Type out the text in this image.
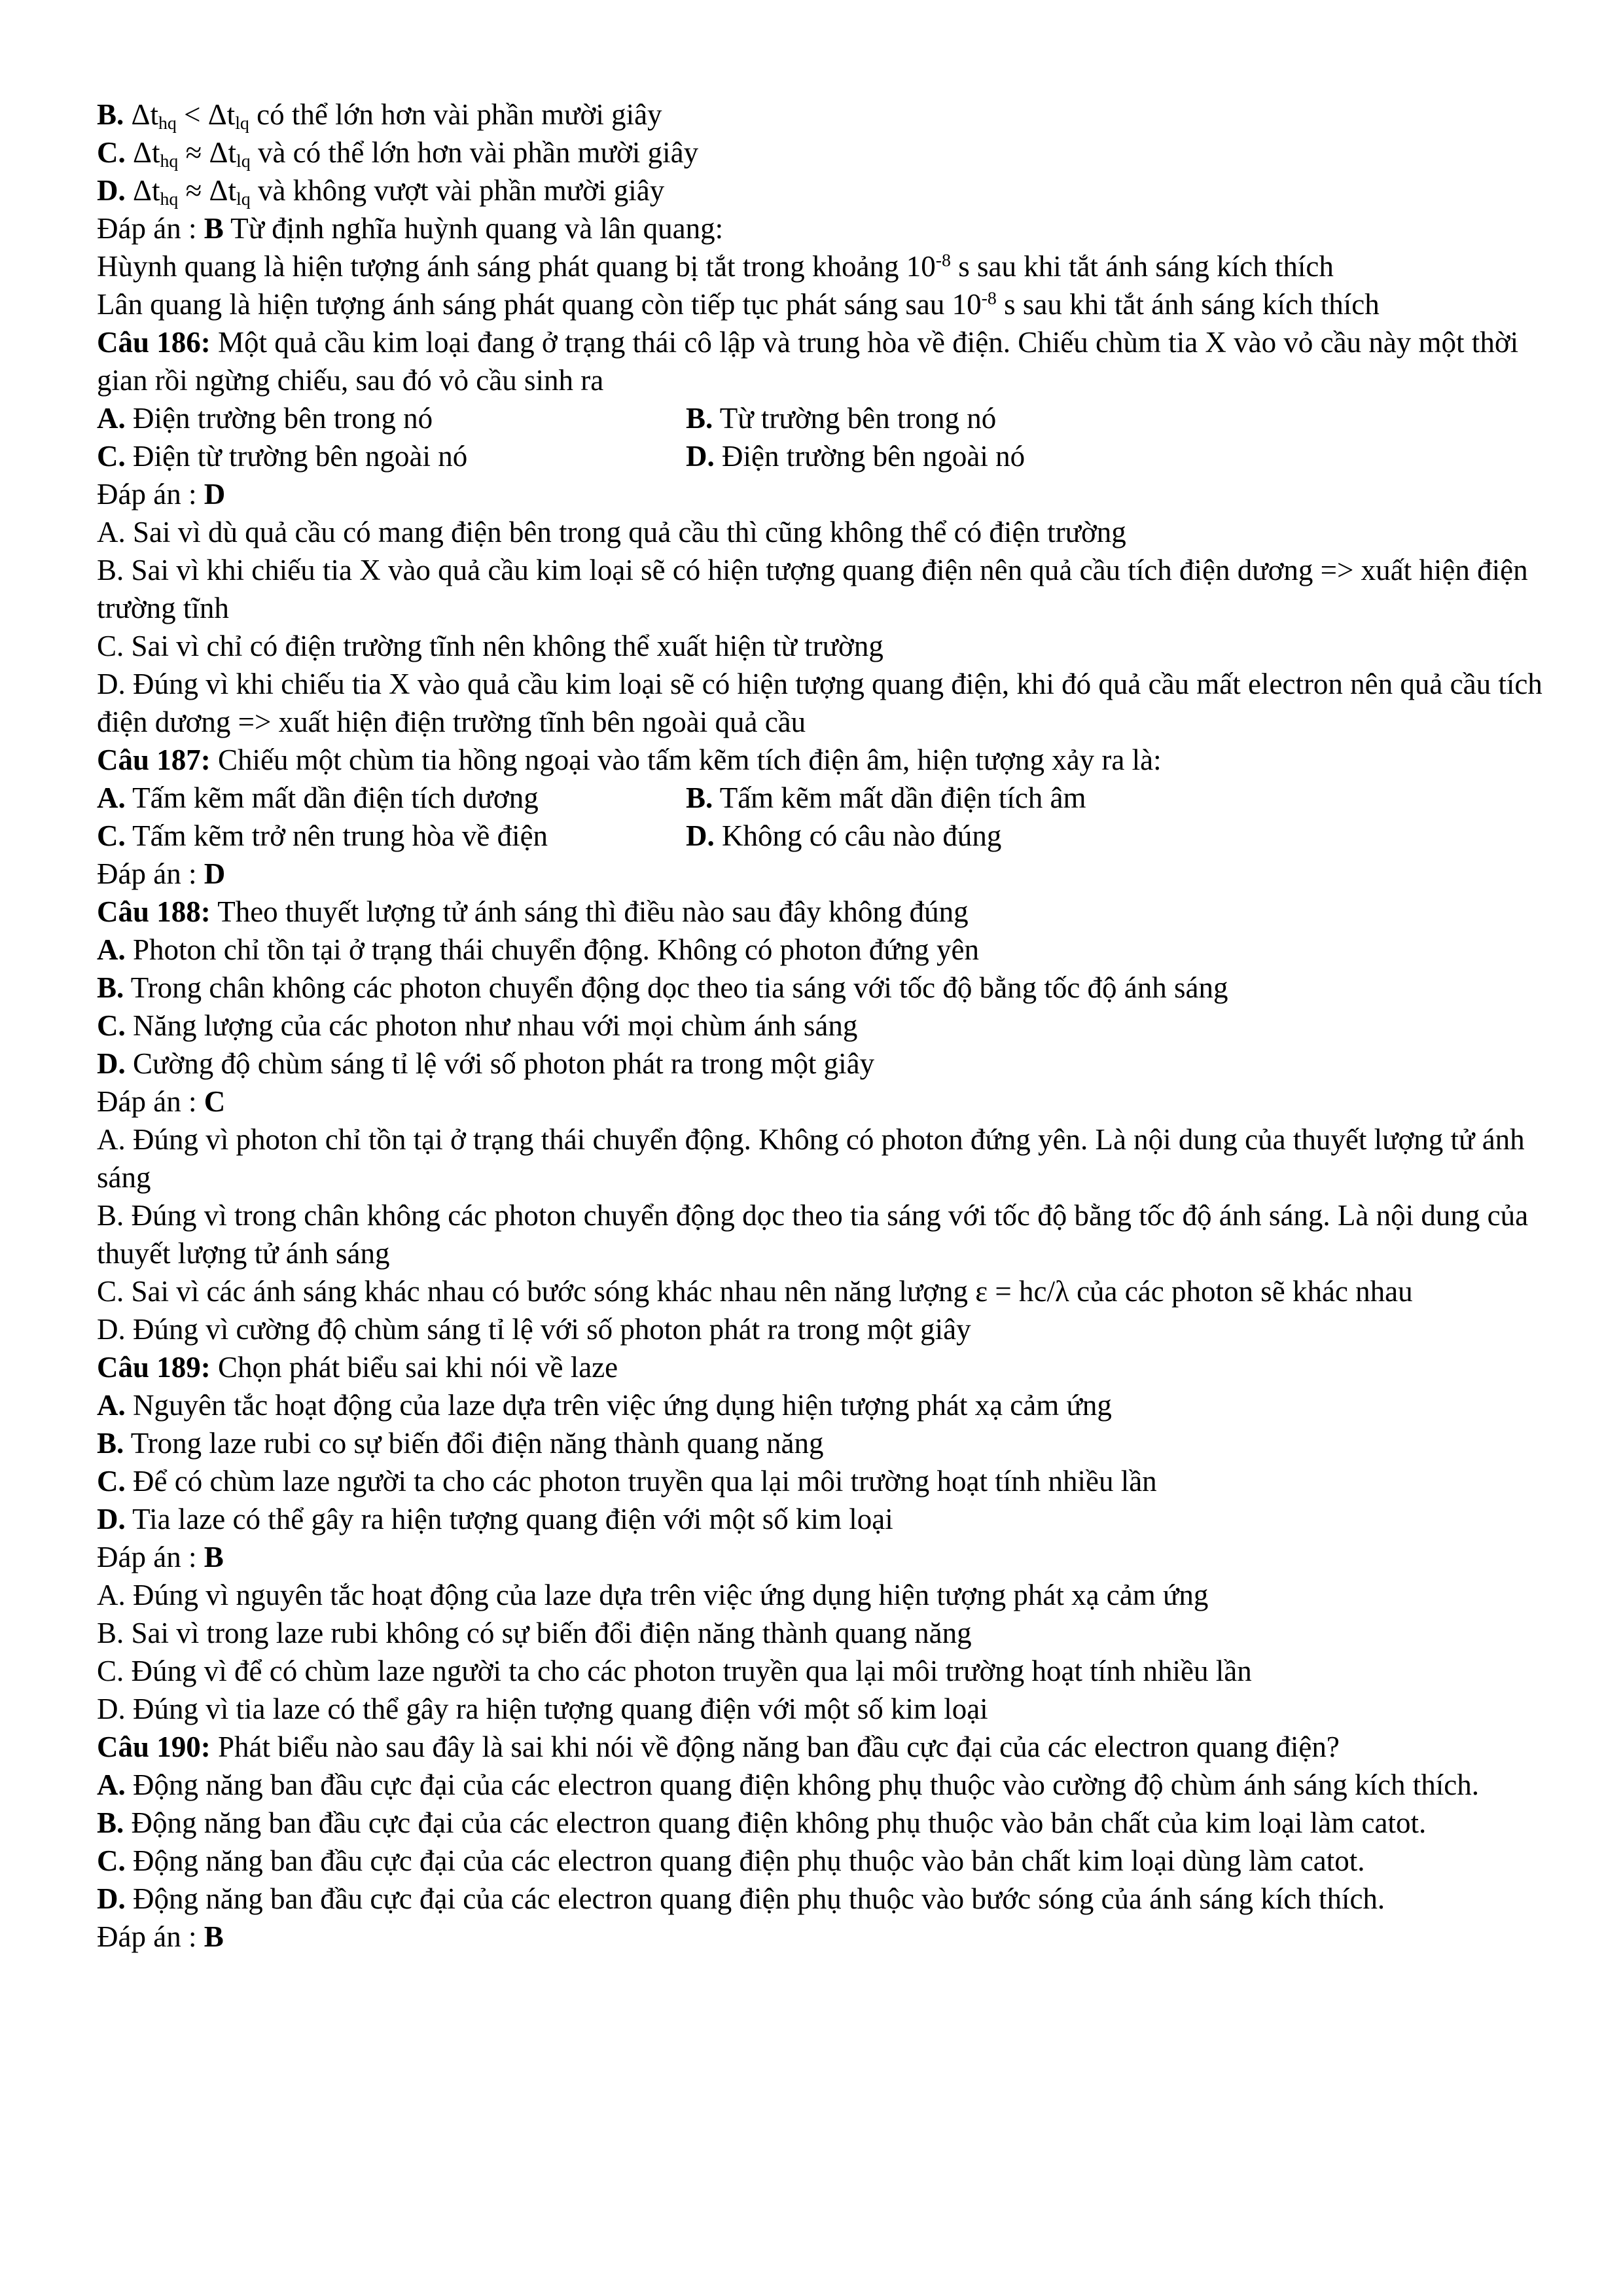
B. $\Delta t_{hq} < \Delta t_{lq}$ có thể lớn hơn vài phần mười giây

C. $\Delta t_{hq} \approx \Delta t_{lq}$ và có thể lớn hơn vài phần mười giây

D. $\Delta t_{hq} \approx \Delta t_{lq}$ và không vượt vài phần mười giây

Đáp án : B Từ định nghĩa huỳnh quang và lân quang:

Hùynh quang là hiện tượng ánh sáng phát quang bị tắt trong khoảng $10^{-8}$ s sau khi tắt ánh sáng kích thích

Lân quang là hiện tượng ánh sáng phát quang còn tiếp tục phát sáng sau $10^{-8}$ s sau khi tắt ánh sáng kích thích

Câu 186: Một quả cầu kim loại đang ở trạng thái cô lập và trung hòa về điện. Chiếu chùm tia X vào vỏ cầu này một thời gian rồi ngừng chiếu, sau đó vỏ cầu sinh ra

A. Điện trường bên trong nó	B. Từ trường bên trong nó
C. Điện từ trường bên ngoài nó	D. Điện trường bên ngoài nó

Đáp án : D

A. Sai vì dù quả cầu có mang điện bên trong quả cầu thì cũng không thể có điện trường

B. Sai vì khi chiếu tia X vào quả cầu kim loại sẽ có hiện tượng quang điện nên quả cầu tích điện dương => xuất hiện điện trường tĩnh

C. Sai vì chỉ có điện trường tĩnh nên không thể xuất hiện từ trường

D. Đúng vì khi chiếu tia X vào quả cầu kim loại sẽ có hiện tượng quang điện, khi đó quả cầu mất electron nên quả cầu tích điện dương => xuất hiện điện trường tĩnh bên ngoài quả cầu

Câu 187: Chiếu một chùm tia hồng ngoại vào tấm kẽm tích điện âm, hiện tượng xảy ra là:

A. Tấm kẽm mất dần điện tích dương	B. Tấm kẽm mất dần điện tích âm
C. Tấm kẽm trở nên trung hòa về điện	D. Không có câu nào đúng

Đáp án : D

Câu 188: Theo thuyết lượng tử ánh sáng thì điều nào sau đây không đúng

A. Photon chỉ tồn tại ở trạng thái chuyển động. Không có photon đứng yên

B. Trong chân không các photon chuyển động dọc theo tia sáng với tốc độ bằng tốc độ ánh sáng

C. Năng lượng của các photon như nhau với mọi chùm ánh sáng

D. Cường độ chùm sáng tỉ lệ với số photon phát ra trong một giây

Đáp án : C

A. Đúng vì photon chỉ tồn tại ở trạng thái chuyển động. Không có photon đứng yên. Là nội dung của thuyết lượng tử ánh sáng

B. Đúng vì trong chân không các photon chuyển động dọc theo tia sáng với tốc độ bằng tốc độ ánh sáng. Là nội dung của thuyết lượng tử ánh sáng

C. Sai vì các ánh sáng khác nhau có bước sóng khác nhau nên năng lượng ε = hc/λ của các photon sẽ khác nhau

D. Đúng vì cường độ chùm sáng tỉ lệ với số photon phát ra trong một giây

Câu 189: Chọn phát biểu sai khi nói về laze

A. Nguyên tắc hoạt động của laze dựa trên việc ứng dụng hiện tượng phát xạ cảm ứng

B. Trong laze rubi co sự biến đổi điện năng thành quang năng

C. Để có chùm laze người ta cho các photon truyền qua lại môi trường hoạt tính nhiều lần

D. Tia laze có thể gây ra hiện tượng quang điện với một số kim loại

Đáp án : B

A. Đúng vì nguyên tắc hoạt động của laze dựa trên việc ứng dụng hiện tượng phát xạ cảm ứng

B. Sai vì trong laze rubi không có sự biến đổi điện năng thành quang năng

C. Đúng vì để có chùm laze người ta cho các photon truyền qua lại môi trường hoạt tính nhiều lần

D. Đúng vì tia laze có thể gây ra hiện tượng quang điện với một số kim loại

Câu 190: Phát biểu nào sau đây là sai khi nói về động năng ban đầu cực đại của các electron quang điện?

A. Động năng ban đầu cực đại của các electron quang điện không phụ thuộc vào cường độ chùm ánh sáng kích thích.

B. Động năng ban đầu cực đại của các electron quang điện không phụ thuộc vào bản chất của kim loại làm catot.

C. Động năng ban đầu cực đại của các electron quang điện phụ thuộc vào bản chất kim loại dùng làm catot.

D. Động năng ban đầu cực đại của các electron quang điện phụ thuộc vào bước sóng của ánh sáng kích thích.

Đáp án : B
